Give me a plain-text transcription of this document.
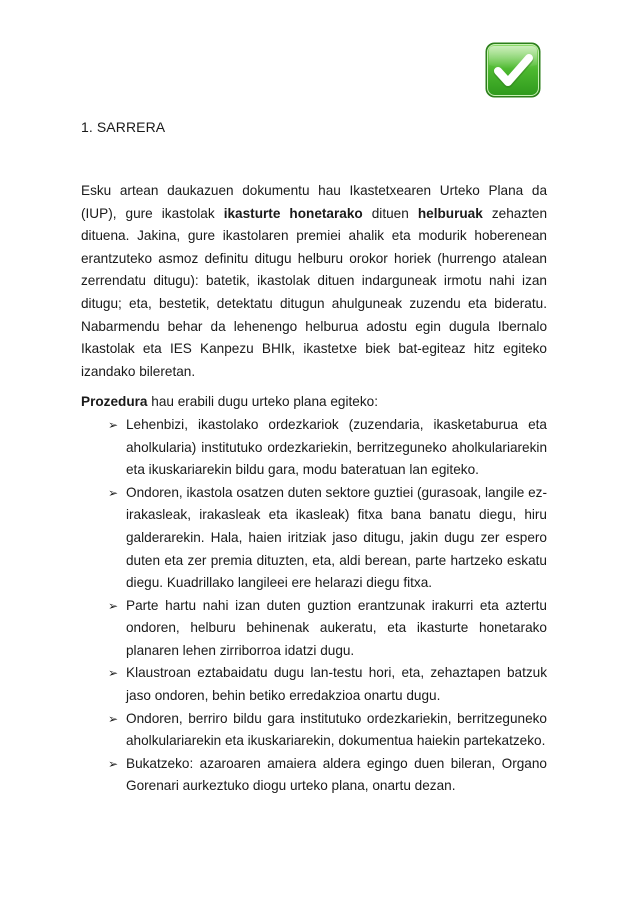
1. SARRERA

Esku artean daukazuen dokumentu hau Ikastetxearen Urteko Plana da (IUP), gure ikastolak ikasturte honetarako dituen helburuak zehazten dituena. Jakina, gure ikastolaren premiei ahalik eta modurik hoberenean erantzuteko asmoz definitu ditugu helburu orokor horiek (hurrengo atalean zerrendatu ditugu): batetik, ikastolak dituen indarguneak irmotu nahi izan ditugu; eta, bestetik, detektatu ditugun ahulguneak zuzendu eta bideratu. Nabarmendu behar da lehenengo helburua adostu egin dugula Ibernalo Ikastolak eta IES Kanpezu BHIk, ikastetxe biek bat-egiteaz hitz egiteko izandako bileretan.

Prozedura hau erabili dugu urteko plana egiteko:

➢ Lehenbizi, ikastolako ordezkariok (zuzendaria, ikasketaburua eta aholkularia) institutuko ordezkariekin, berritzeguneko aholkulariarekin eta ikuskariarekin bildu gara, modu bateratuan lan egiteko.
➢ Ondoren, ikastola osatzen duten sektore guztiei (gurasoak, langile ez-irakasleak, irakasleak eta ikasleak) fitxa bana banatu diegu, hiru galderarekin. Hala, haien iritziak jaso ditugu, jakin dugu zer espero duten eta zer premia dituzten, eta, aldi berean, parte hartzeko eskatu diegu. Kuadrillako langileei ere helarazi diegu fitxa.
➢ Parte hartu nahi izan duten guztion erantzunak irakurri eta aztertu ondoren, helburu behinenak aukeratu, eta ikasturte honetarako planaren lehen zirriborroa idatzi dugu.
➢ Klaustroan eztabaidatu dugu lan-testu hori, eta, zehaztapen batzuk jaso ondoren, behin betiko erredakzioa onartu dugu.
➢ Ondoren, berriro bildu gara institutuko ordezkariekin, berritzeguneko aholkulariarekin eta ikuskariarekin, dokumentua haiekin partekatzeko.
➢ Bukatzeko: azaroaren amaiera aldera egingo duen bileran, Organo Gorenari aurkeztuko diogu urteko plana, onartu dezan.
